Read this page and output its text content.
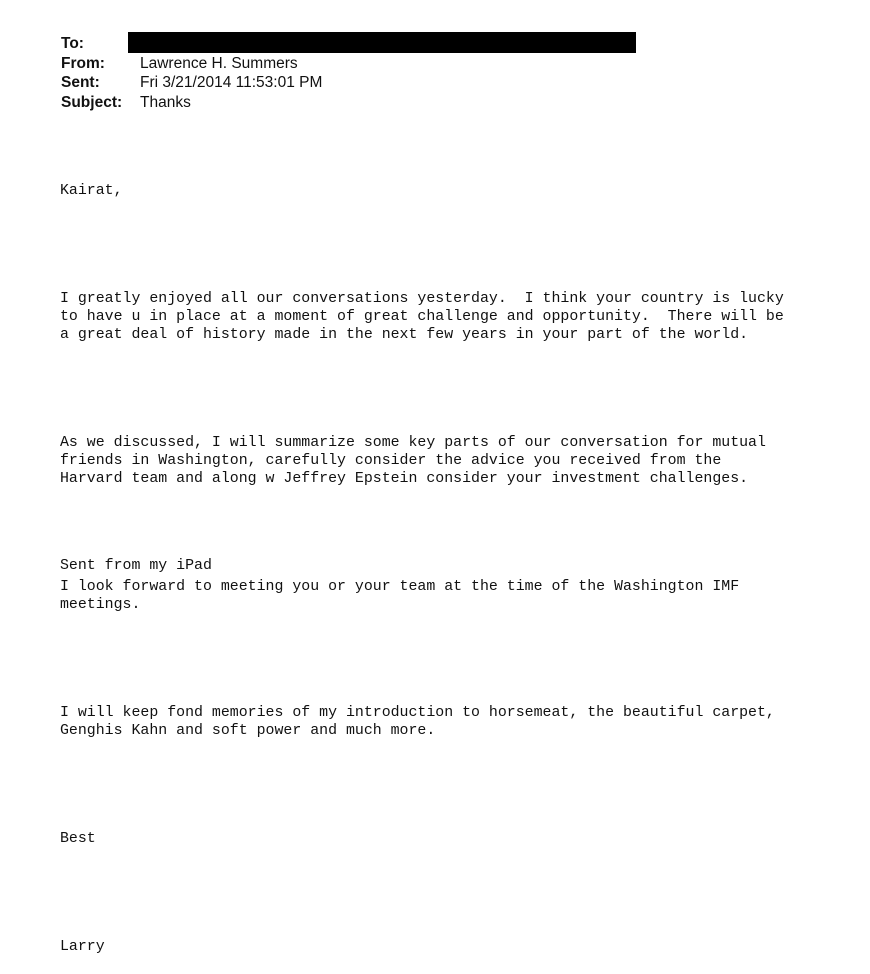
To:
From:	Lawrence H. Summers
Sent:	Fri 3/21/2014 11:53:01 PM
Subject:	Thanks

Kairat,

I greatly enjoyed all our conversations yesterday.  I think your country is lucky
to have u in place at a moment of great challenge and opportunity.  There will be
a great deal of history made in the next few years in your part of the world.

As we discussed, I will summarize some key parts of our conversation for mutual
friends in Washington, carefully consider the advice you received from the
Harvard team and along w Jeffrey Epstein consider your investment challenges.

I look forward to meeting you or your team at the time of the Washington IMF
meetings.

I will keep fond memories of my introduction to horsemeat, the beautiful carpet,
Genghis Kahn and soft power and much more.

Best

Larry

Sent from my iPad
